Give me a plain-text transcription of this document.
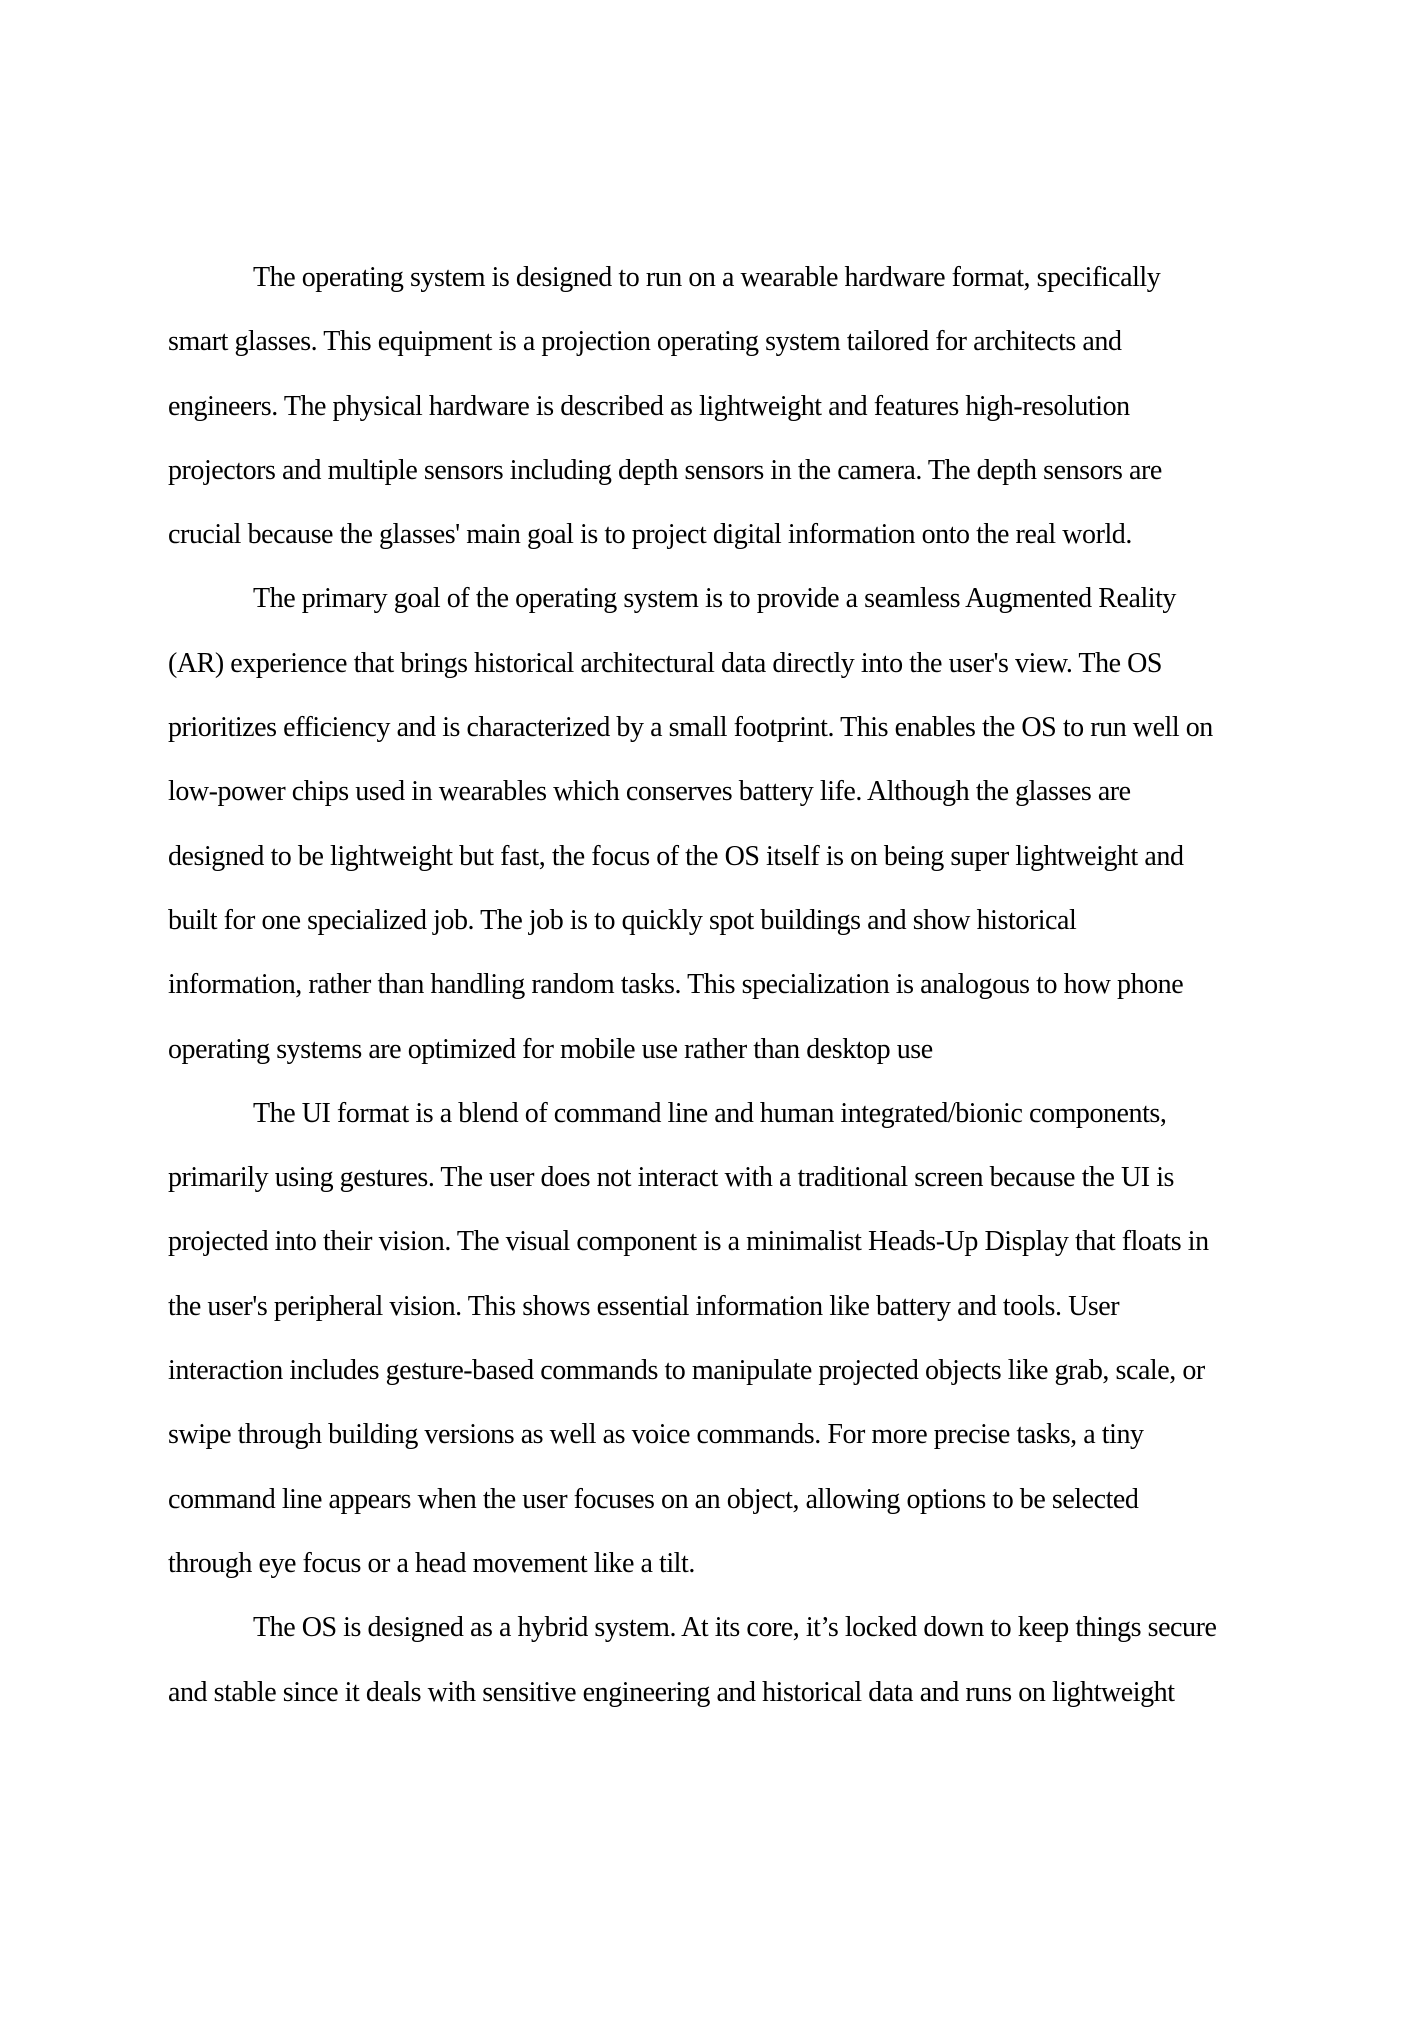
The operating system is designed to run on a wearable hardware format, specifically
smart glasses. This equipment is a projection operating system tailored for architects and
engineers. The physical hardware is described as lightweight and features high-resolution
projectors and multiple sensors including depth sensors in the camera. The depth sensors are
crucial because the glasses' main goal is to project digital information onto the real world.
The primary goal of the operating system is to provide a seamless Augmented Reality
(AR) experience that brings historical architectural data directly into the user's view. The OS
prioritizes efficiency and is characterized by a small footprint. This enables the OS to run well on
low-power chips used in wearables which conserves battery life. Although the glasses are
designed to be lightweight but fast, the focus of the OS itself is on being super lightweight and
built for one specialized job. The job is to quickly spot buildings and show historical
information, rather than handling random tasks. This specialization is analogous to how phone
operating systems are optimized for mobile use rather than desktop use
The UI format is a blend of command line and human integrated/bionic components,
primarily using gestures. The user does not interact with a traditional screen because the UI is
projected into their vision. The visual component is a minimalist Heads-Up Display that floats in
the user's peripheral vision. This shows essential information like battery and tools. User
interaction includes gesture-based commands to manipulate projected objects like grab, scale, or
swipe through building versions as well as voice commands. For more precise tasks, a tiny
command line appears when the user focuses on an object, allowing options to be selected
through eye focus or a head movement like a tilt.
The OS is designed as a hybrid system. At its core, it’s locked down to keep things secure
and stable since it deals with sensitive engineering and historical data and runs on lightweight
